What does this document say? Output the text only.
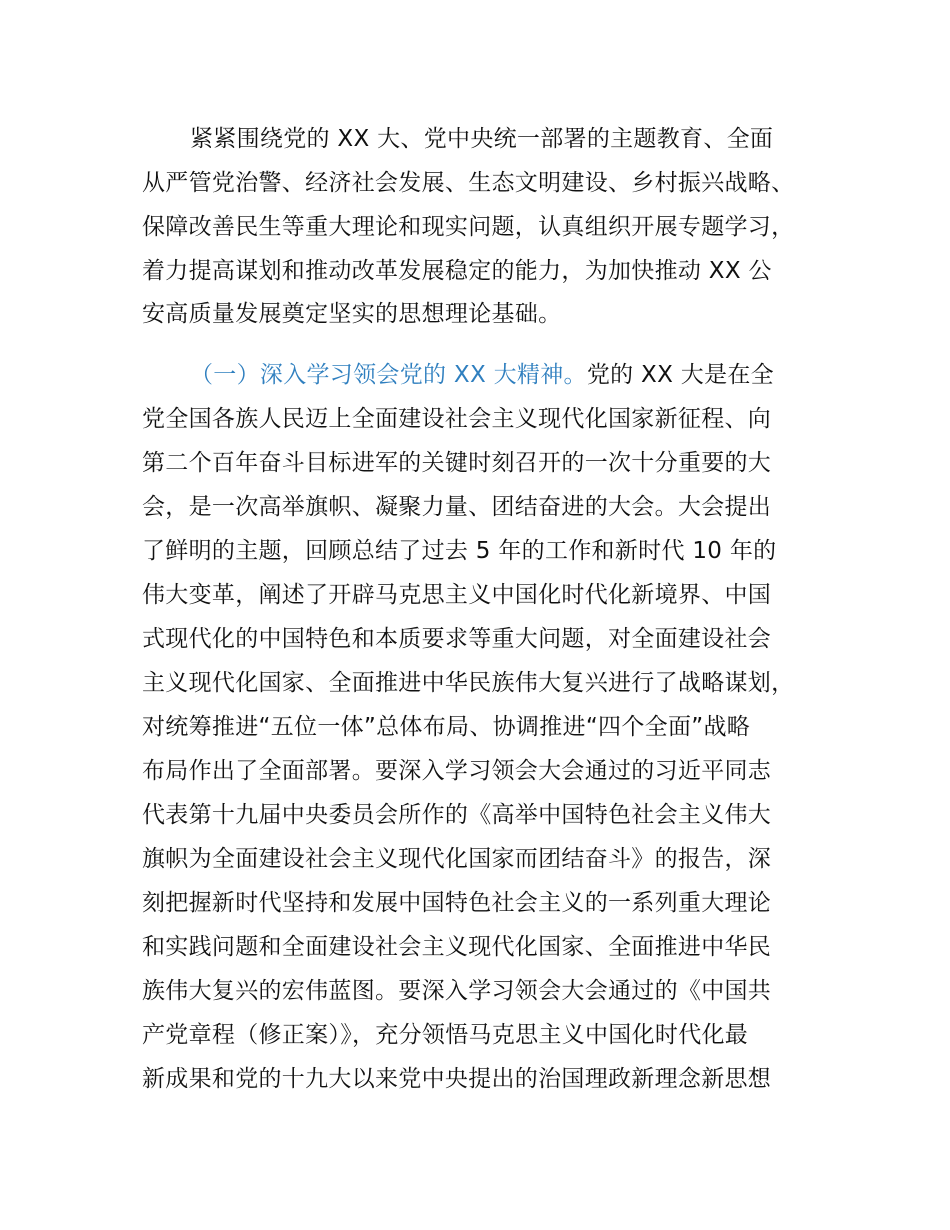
紧紧围绕党的 XX 大、党中央统一部署的主题教育、全面
从严管党治警、经济社会发展、生态文明建设、乡村振兴战略、
保障改善民生等重大理论和现实问题，认真组织开展专题学习，
着力提高谋划和推动改革发展稳定的能力，为加快推动 XX 公
安高质量发展奠定坚实的思想理论基础。
（一）深入学习领会党的 XX 大精神。党的 XX 大是在全
党全国各族人民迈上全面建设社会主义现代化国家新征程、向
第二个百年奋斗目标进军的关键时刻召开的一次十分重要的大
会，是一次高举旗帜、凝聚力量、团结奋进的大会。大会提出
了鲜明的主题，回顾总结了过去 5 年的工作和新时代 10 年的
伟大变革，阐述了开辟马克思主义中国化时代化新境界、中国
式现代化的中国特色和本质要求等重大问题，对全面建设社会
主义现代化国家、全面推进中华民族伟大复兴进行了战略谋划，
对统筹推进“五位一体”总体布局、协调推进“四个全面”战略
布局作出了全面部署。要深入学习领会大会通过的习近平同志
代表第十九届中央委员会所作的《高举中国特色社会主义伟大
旗帜为全面建设社会主义现代化国家而团结奋斗》的报告，深
刻把握新时代坚持和发展中国特色社会主义的一系列重大理论
和实践问题和全面建设社会主义现代化国家、全面推进中华民
族伟大复兴的宏伟蓝图。要深入学习领会大会通过的《中国共
产党章程（修正案）》，充分领悟马克思主义中国化时代化最
新成果和党的十九大以来党中央提出的治国理政新理念新思想
